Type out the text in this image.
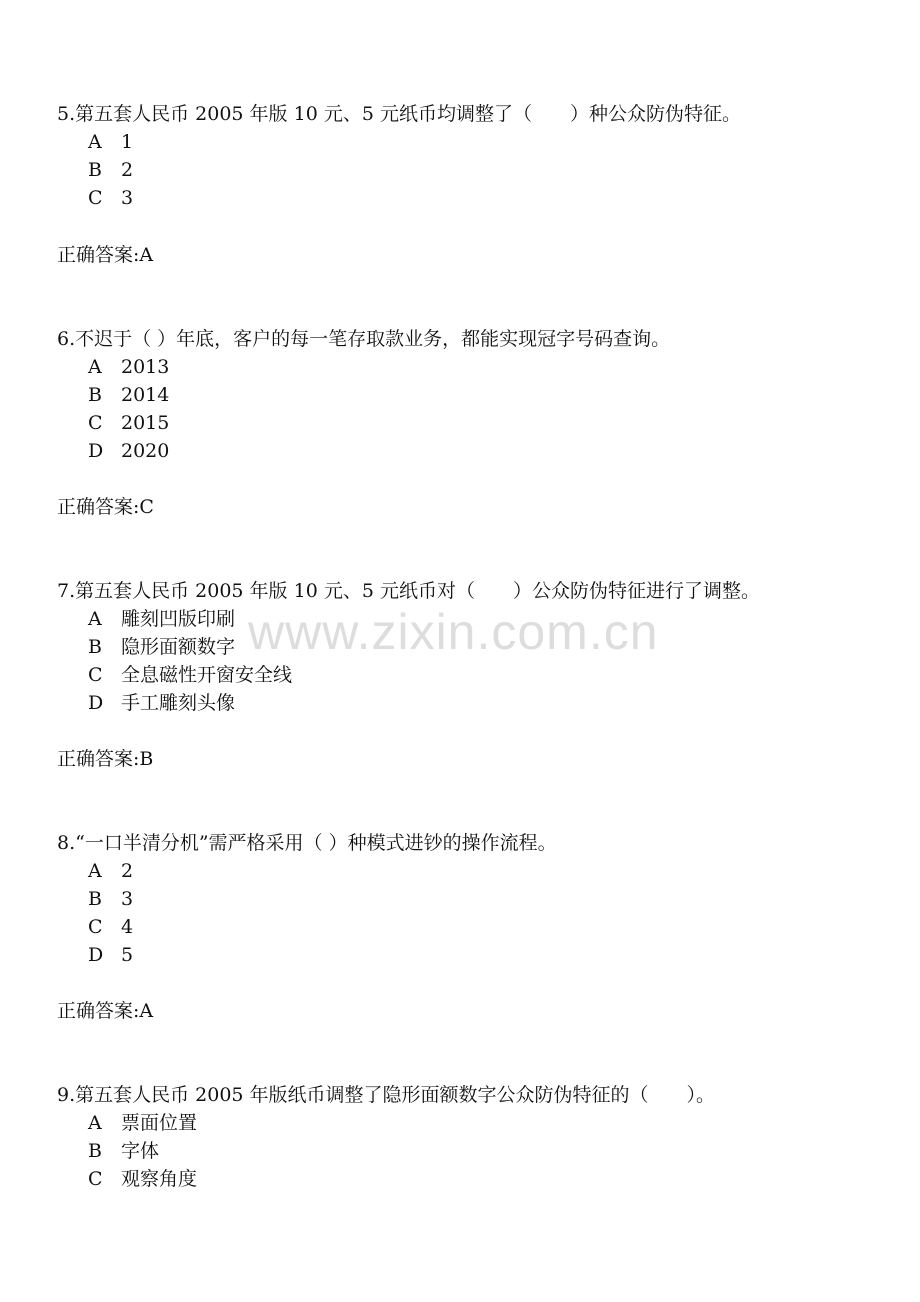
5.第五套人民币 2005 年版 10 元、5 元纸币均调整了（　　）种公众防伪特征。
A 1
B 2
C 3
正确答案:A
6.不迟于（ ）年底，客户的每一笔存取款业务，都能实现冠字号码查询。
A 2013
B 2014
C 2015
D 2020
正确答案:C
7.第五套人民币 2005 年版 10 元、5 元纸币对（　　）公众防伪特征进行了调整。
A 雕刻凹版印刷
B 隐形面额数字
C 全息磁性开窗安全线
D 手工雕刻头像
正确答案:B
8.“一口半清分机”需严格采用（ ）种模式进钞的操作流程。
A 2
B 3
C 4
D 5
正确答案:A
9.第五套人民币 2005 年版纸币调整了隐形面额数字公众防伪特征的（　　）。
A 票面位置
B 字体
C 观察角度
www.zixin.com.cn
